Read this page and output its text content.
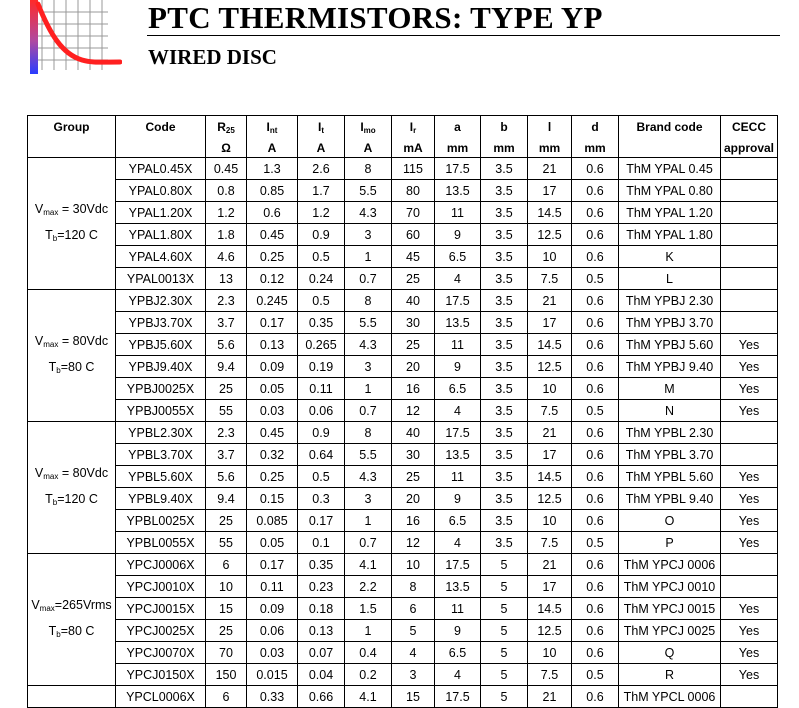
PTC THERMISTORS: TYPE YP
WIRED DISC
Group	Code	$R_{25}$	$I_{nt}$	$I_t$	$I_{mo}$	$I_r$	a	b	l	d	Brand code	CECC
		Ω	A	A	A	mA	mm	mm	mm	mm		approval

$V_{max} = 30Vdc$
$T_b=120$ C	YPAL0.45X	0.45	1.3	2.6	8	115	17.5	3.5	21	0.6	ThM YPAL 0.45	
	YPAL0.80X	0.8	0.85	1.7	5.5	80	13.5	3.5	17	0.6	ThM YPAL 0.80	
	YPAL1.20X	1.2	0.6	1.2	4.3	70	11	3.5	14.5	0.6	ThM YPAL 1.20	
	YPAL1.80X	1.8	0.45	0.9	3	60	9	3.5	12.5	0.6	ThM YPAL 1.80	
	YPAL4.60X	4.6	0.25	0.5	1	45	6.5	3.5	10	0.6	K	
	YPAL0013X	13	0.12	0.24	0.7	25	4	3.5	7.5	0.5	L	

$V_{max} = 80Vdc$
$T_b=80$ C	YPBJ2.30X	2.3	0.245	0.5	8	40	17.5	3.5	21	0.6	ThM YPBJ 2.30	
	YPBJ3.70X	3.7	0.17	0.35	5.5	30	13.5	3.5	17	0.6	ThM YPBJ 3.70	
	YPBJ5.60X	5.6	0.13	0.265	4.3	25	11	3.5	14.5	0.6	ThM YPBJ 5.60	Yes
	YPBJ9.40X	9.4	0.09	0.19	3	20	9	3.5	12.5	0.6	ThM YPBJ 9.40	Yes
	YPBJ0025X	25	0.05	0.11	1	16	6.5	3.5	10	0.6	M	Yes
	YPBJ0055X	55	0.03	0.06	0.7	12	4	3.5	7.5	0.5	N	Yes

$V_{max} = 80Vdc$
$T_b=120$ C	YPBL2.30X	2.3	0.45	0.9	8	40	17.5	3.5	21	0.6	ThM YPBL 2.30	
	YPBL3.70X	3.7	0.32	0.64	5.5	30	13.5	3.5	17	0.6	ThM YPBL 3.70	
	YPBL5.60X	5.6	0.25	0.5	4.3	25	11	3.5	14.5	0.6	ThM YPBL 5.60	Yes
	YPBL9.40X	9.4	0.15	0.3	3	20	9	3.5	12.5	0.6	ThM YPBL 9.40	Yes
	YPBL0025X	25	0.085	0.17	1	16	6.5	3.5	10	0.6	O	Yes
	YPBL0055X	55	0.05	0.1	0.7	12	4	3.5	7.5	0.5	P	Yes

$V_{max}=265Vrms$
$T_b=80$ C	YPCJ0006X	6	0.17	0.35	4.1	10	17.5	5	21	0.6	ThM YPCJ 0006	
	YPCJ0010X	10	0.11	0.23	2.2	8	13.5	5	17	0.6	ThM YPCJ 0010	
	YPCJ0015X	15	0.09	0.18	1.5	6	11	5	14.5	0.6	ThM YPCJ 0015	Yes
	YPCJ0025X	25	0.06	0.13	1	5	9	5	12.5	0.6	ThM YPCJ 0025	Yes
	YPCJ0070X	70	0.03	0.07	0.4	4	6.5	5	10	0.6	Q	Yes
	YPCJ0150X	150	0.015	0.04	0.2	3	4	5	7.5	0.5	R	Yes

	YPCL0006X	6	0.33	0.66	4.1	15	17.5	5	21	0.6	ThM YPCL 0006	
